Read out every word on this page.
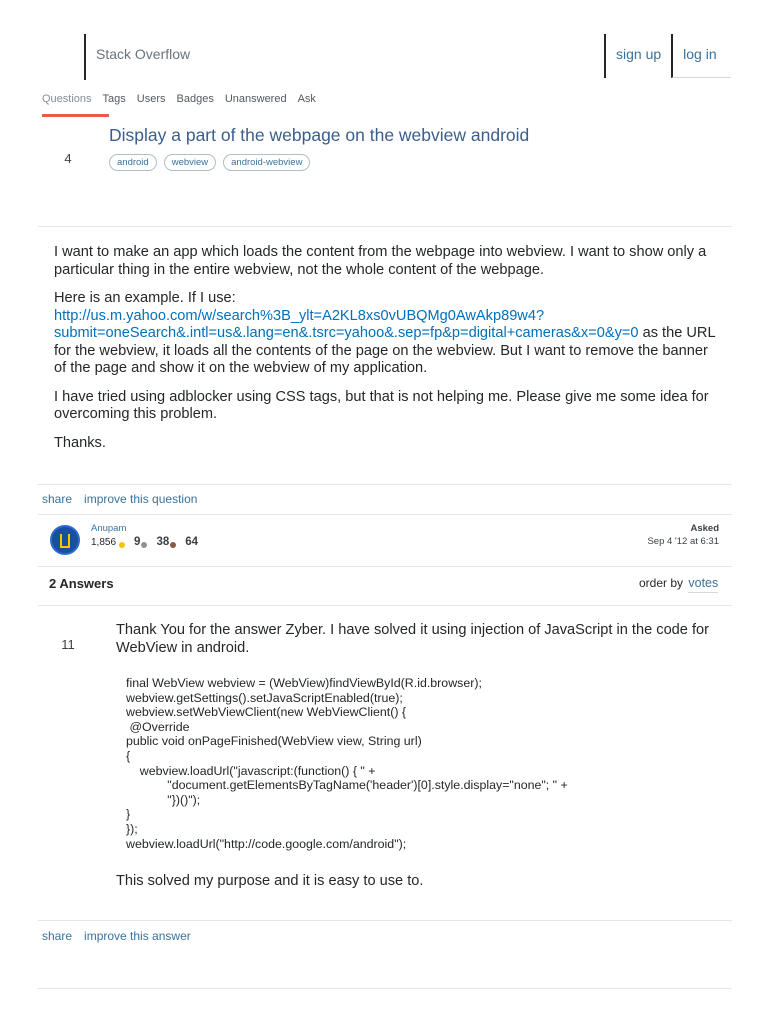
Stack Overflow	sign up	log in
Questions Tags Users Badges Unanswered Ask
Display a part of the webpage on the webview android
4	android	webview	android-webview

I want to make an app which loads the content from the webpage into webview. I want to show only a particular thing in the entire webview, not the whole content of the webpage.

Here is an example. If I use: http://us.m.yahoo.com/w/search%3B_ylt=A2KL8xs0vUBQMg0AwAkp89w4?submit=oneSearch&.intl=us&.lang=en&.tsrc=yahoo&.sep=fp&p=digital+cameras&x=0&y=0 as the URL for the webview, it loads all the contents of the page on the webview. But I want to remove the banner of the page and show it on the webview of my application.

I have tried using adblocker using CSS tags, but that is not helping me. Please give me some idea for overcoming this problem.

Thanks.

share improve this question
Anupam
1,856 9 38 64
Asked
Sep 4 '12 at 6:31
2 Answers	order by votes
11
Thank You for the answer Zyber. I have solved it using injection of JavaScript in the code for WebView in android.
final WebView webview = (WebView)findViewById(R.id.browser);
webview.getSettings().setJavaScriptEnabled(true);
webview.setWebViewClient(new WebViewClient() {
@Override
public void onPageFinished(WebView view, String url)
{
webview.loadUrl("javascript:(function() { " +
"document.getElementsByTagName('header')[0].style.display="none"; " +
"})()");
}
});
webview.loadUrl("http://code.google.com/android");
This solved my purpose and it is easy to use to.
share improve this answer
